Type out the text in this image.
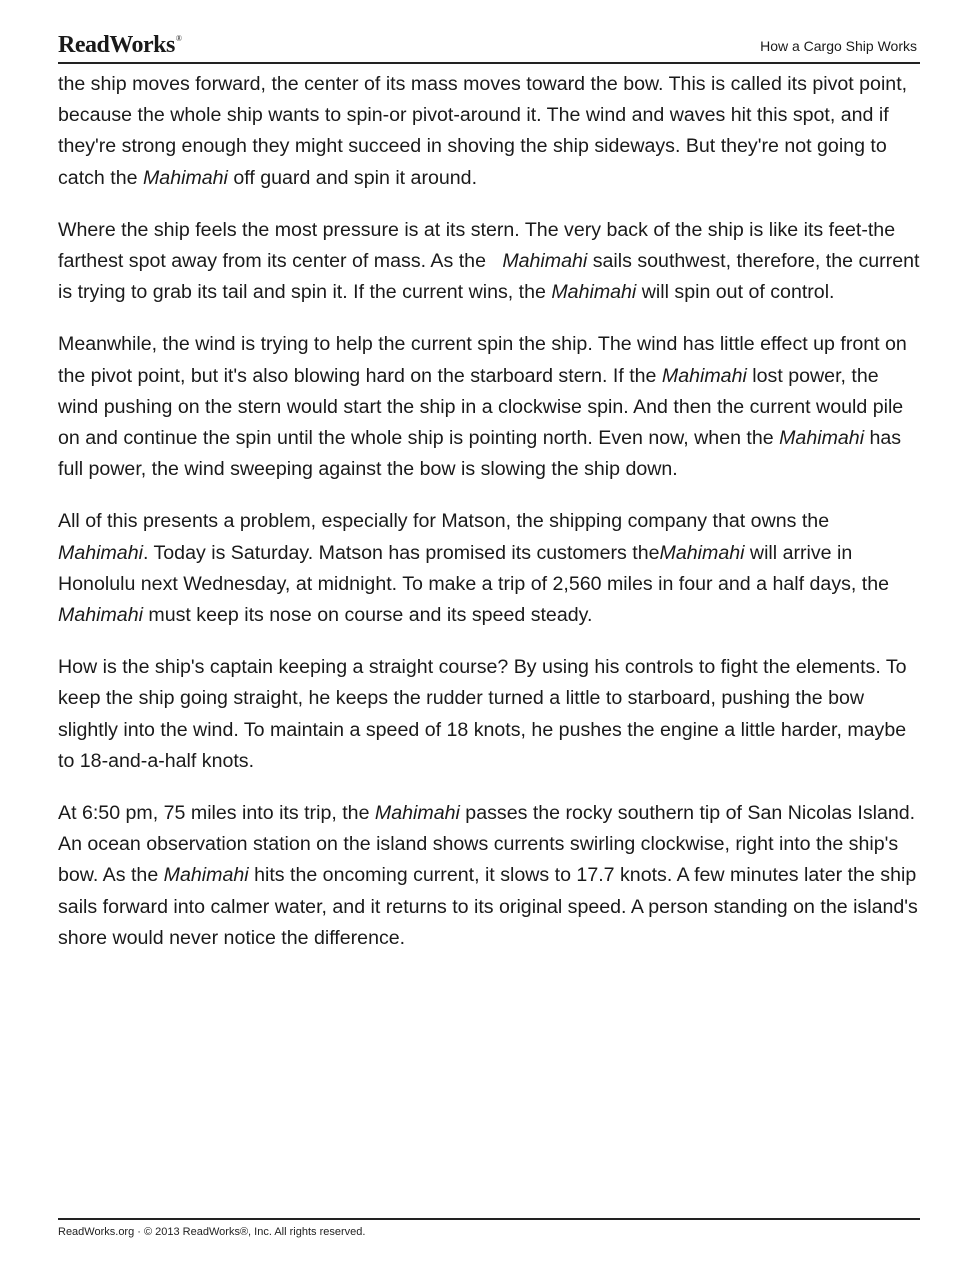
ReadWorks®	How a Cargo Ship Works

the ship moves forward, the center of its mass moves toward the bow. This is called its pivot point, because the whole ship wants to spin-or pivot-around it. The wind and waves hit this spot, and if they're strong enough they might succeed in shoving the ship sideways. But they're not going to catch the Mahimahi off guard and spin it around.

Where the ship feels the most pressure is at its stern. The very back of the ship is like its feet-the farthest spot away from its center of mass. As the   Mahimahi sails southwest, therefore, the current is trying to grab its tail and spin it. If the current wins, the Mahimahi will spin out of control.

Meanwhile, the wind is trying to help the current spin the ship. The wind has little effect up front on the pivot point, but it's also blowing hard on the starboard stern. If the Mahimahi lost power, the wind pushing on the stern would start the ship in a clockwise spin. And then the current would pile on and continue the spin until the whole ship is pointing north. Even now, when the Mahimahi has full power, the wind sweeping against the bow is slowing the ship down.

All of this presents a problem, especially for Matson, the shipping company that owns the Mahimahi. Today is Saturday. Matson has promised its customers theMahimahi will arrive in Honolulu next Wednesday, at midnight. To make a trip of 2,560 miles in four and a half days, the Mahimahi must keep its nose on course and its speed steady.

How is the ship's captain keeping a straight course? By using his controls to fight the elements. To keep the ship going straight, he keeps the rudder turned a little to starboard, pushing the bow slightly into the wind. To maintain a speed of 18 knots, he pushes the engine a little harder, maybe to 18-and-a-half knots.

At 6:50 pm, 75 miles into its trip, the Mahimahi passes the rocky southern tip of San Nicolas Island. An ocean observation station on the island shows currents swirling clockwise, right into the ship's bow. As the Mahimahi hits the oncoming current, it slows to 17.7 knots. A few minutes later the ship sails forward into calmer water, and it returns to its original speed. A person standing on the island's shore would never notice the difference.

ReadWorks.org · © 2013 ReadWorks®, Inc. All rights reserved.
